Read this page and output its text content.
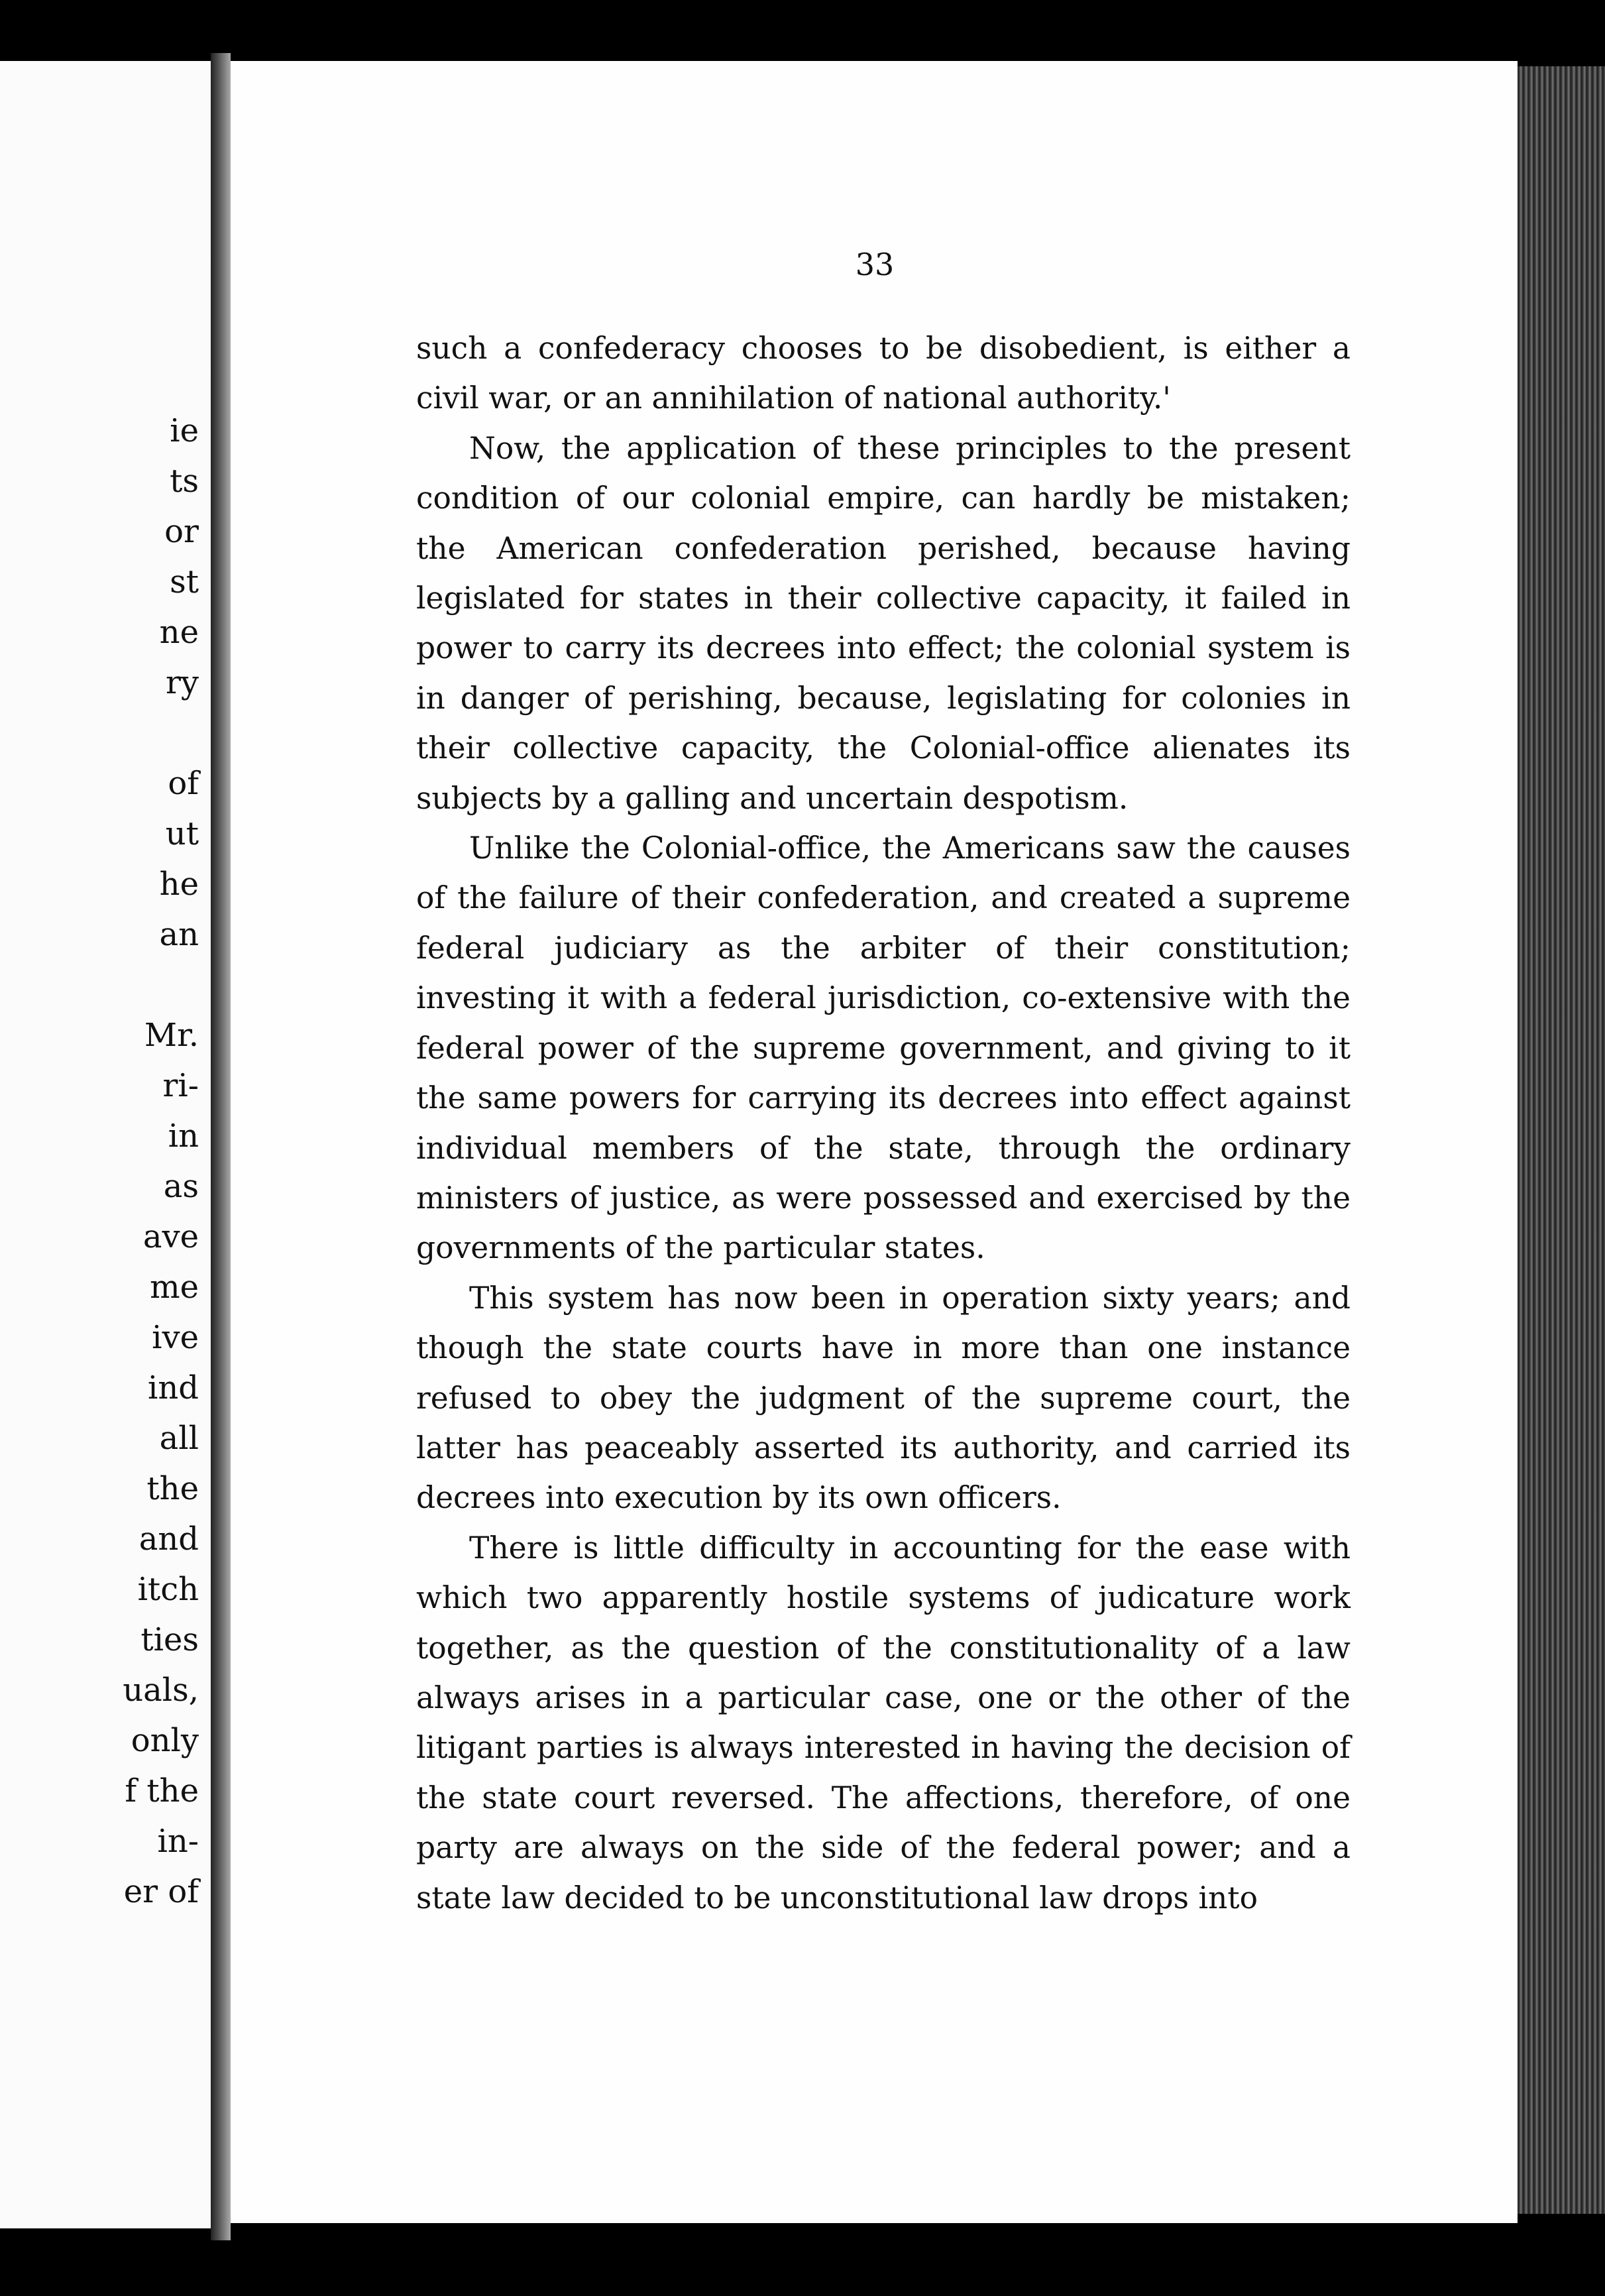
ie
ts
or
st
ne
ry
of
ut
he
an
Mr.
ri-
in
as
ave
me
ive
ind
all
the
and
itch
ties
uals,
only
f the
in-
er of
33

such a confederacy chooses to be disobedient, is either a civil war, or an annihilation of national authority.'

Now, the application of these principles to the present condition of our colonial empire, can hardly be mistaken; the American confederation perished, because having legislated for states in their collective capacity, it failed in power to carry its decrees into effect; the colonial system is in danger of perishing, because, legislating for colonies in their collective capacity, the Colonial-office alienates its subjects by a galling and uncertain despotism.

Unlike the Colonial-office, the Americans saw the causes of the failure of their confederation, and created a supreme federal judiciary as the arbiter of their constitution; investing it with a federal jurisdiction, co-extensive with the federal power of the supreme government, and giving to it the same powers for carrying its decrees into effect against individual members of the state, through the ordinary ministers of justice, as were possessed and exercised by the governments of the particular states.

This system has now been in operation sixty years; and though the state courts have in more than one instance refused to obey the judgment of the supreme court, the latter has peaceably asserted its authority, and carried its decrees into execution by its own officers.

There is little difficulty in accounting for the ease with which two apparently hostile systems of judicature work together, as the question of the constitutionality of a law always arises in a particular case, one or the other of the litigant parties is always interested in having the decision of the state court reversed. The affections, therefore, of one party are always on the side of the federal power; and a state law decided to be unconstitutional law drops into
